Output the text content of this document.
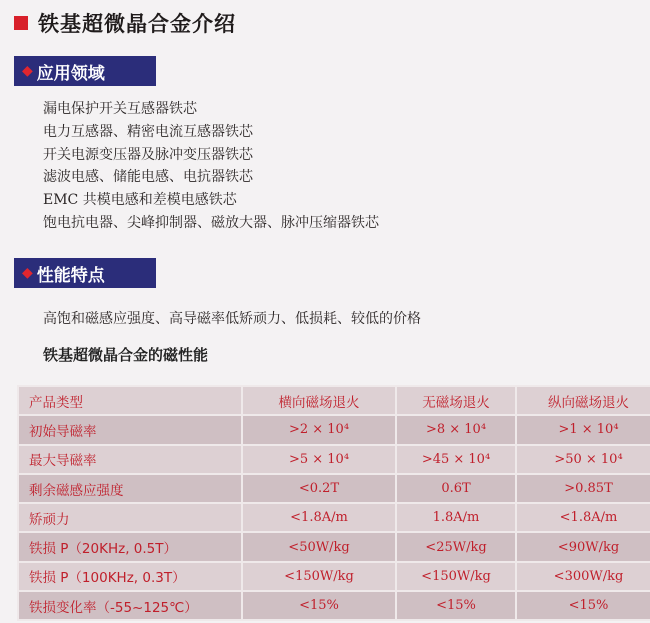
铁基超微晶合金介绍
◆ 应用领域
漏电保护开关互感器铁芯
电力互感器、精密电流互感器铁芯
开关电源变压器及脉冲变压器铁芯
滤波电感、储能电感、电抗器铁芯
EMC 共模电感和差模电感铁芯
饱电抗电器、尖峰抑制器、磁放大器、脉冲压缩器铁芯
◆ 性能特点
高饱和磁感应强度、高导磁率低矫顽力、低损耗、较低的价格
铁基超微晶合金的磁性能
产品类型	横向磁场退火	无磁场退火	纵向磁场退火
初始导磁率	>2 × 10⁴	>8 × 10⁴	>1 × 10⁴
最大导磁率	>5 × 10⁴	>45 × 10⁴	>50 × 10⁴
剩余磁感应强度	<0.2T	0.6T	>0.85T
矫顽力	<1.8A/m	1.8A/m	<1.8A/m
铁损 P（20KHz, 0.5T）	<50W/kg	<25W/kg	<90W/kg
铁损 P（100KHz, 0.3T）	<150W/kg	<150W/kg	<300W/kg
铁损变化率（-55~125℃）	<15%	<15%	<15%
